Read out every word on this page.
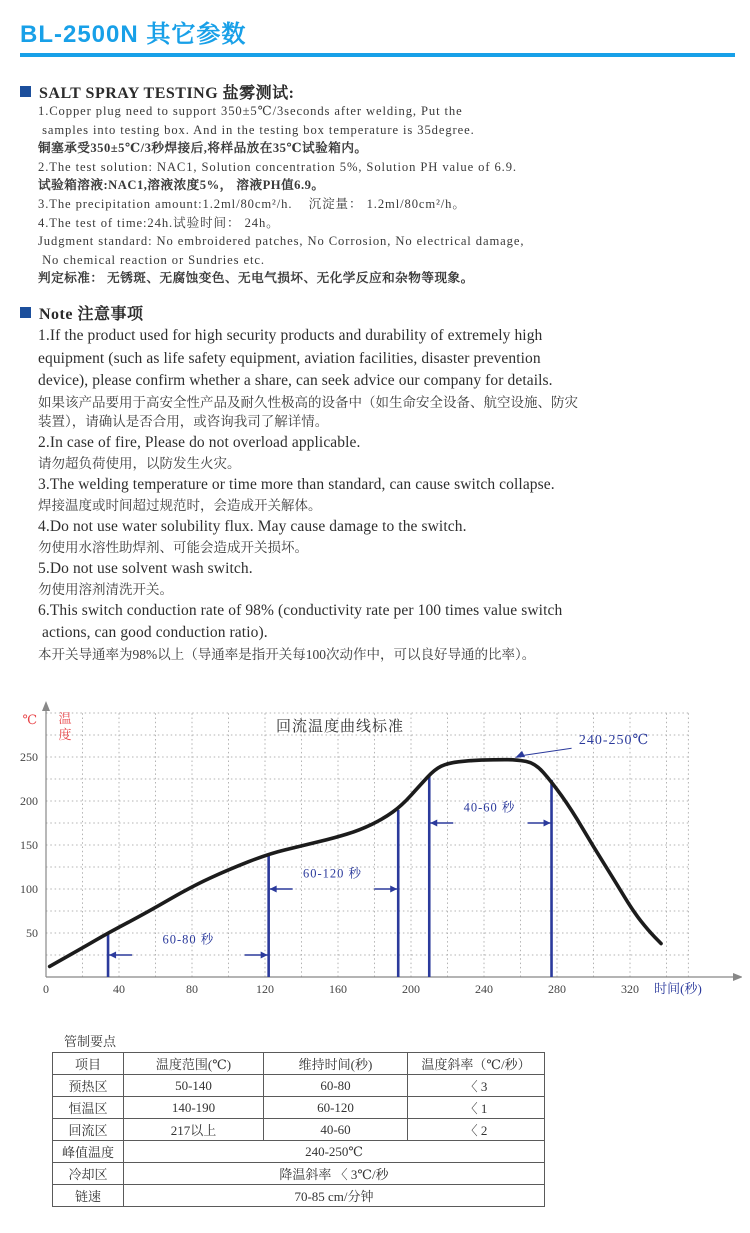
BL-2500N 其它参数
SALT SPRAY TESTING 盐雾测试:
1.Copper plug need to support 350±5℃/3seconds after welding, Put the
samples into testing box. And in the testing box temperature is 35degree.
铜塞承受350±5℃/3秒焊接后,将样品放在35℃试验箱内。
2.The test solution: NAC1, Solution concentration 5%, Solution PH value of 6.9.
试验箱溶液:NAC1,溶液浓度5%， 溶液PH值6.9。
3.The precipitation amount:1.2ml/80cm²/h.    沉淀量： 1.2ml/80cm²/h。
4.The test of time:24h.试验时间： 24h。
Judgment standard: No embroidered patches, No Corrosion, No electrical damage,
No chemical reaction or Sundries etc.
判定标准： 无锈斑、无腐蚀变色、无电气损坏、无化学反应和杂物等现象。
Note 注意事项
1.If the product used for high security products and durability of extremely high
equipment (such as life safety equipment, aviation facilities, disaster prevention
device), please confirm whether a share, can seek advice our company for details.
如果该产品要用于高安全性产品及耐久性极高的设备中（如生命安全设备、航空设施、防灾
装置），请确认是否合用，或咨询我司了解详情。
2.In case of fire, Please do not overload applicable.
请勿超负荷使用，以防发生火灾。
3.The welding temperature or time more than standard, can cause switch collapse.
焊接温度或时间超过规范时，会造成开关解体。
4.Do not use water solubility flux. May cause damage to the switch.
勿使用水溶性助焊剂、可能会造成开关损坏。
5.Do not use solvent wash switch.
勿使用溶剂清洗开关。
6.This switch conduction rate of 98% (conductivity rate per 100 times value switch
actions, can good conduction ratio).
本开关导通率为98%以上（导通率是指开关每100次动作中，可以良好导通的比率）。
0	40	80	120	160	200	240	280	320
50
100
150
200
250
℃ 温
度
时间(秒)
回流温度曲线标准
60-80 秒
60-120 秒
40-60 秒
240-250℃
管制要点
项目	温度范围(℃)	维持时间(秒)	温度斜率（℃/秒）
预热区	50-140	60-80	〈 3
恒温区	140-190	60-120	〈 1
回流区	217以上	40-60	〈 2
峰值温度	240-250℃		
冷却区	降温斜率 〈 3℃/秒		
链速	70-85 cm/分钟		
